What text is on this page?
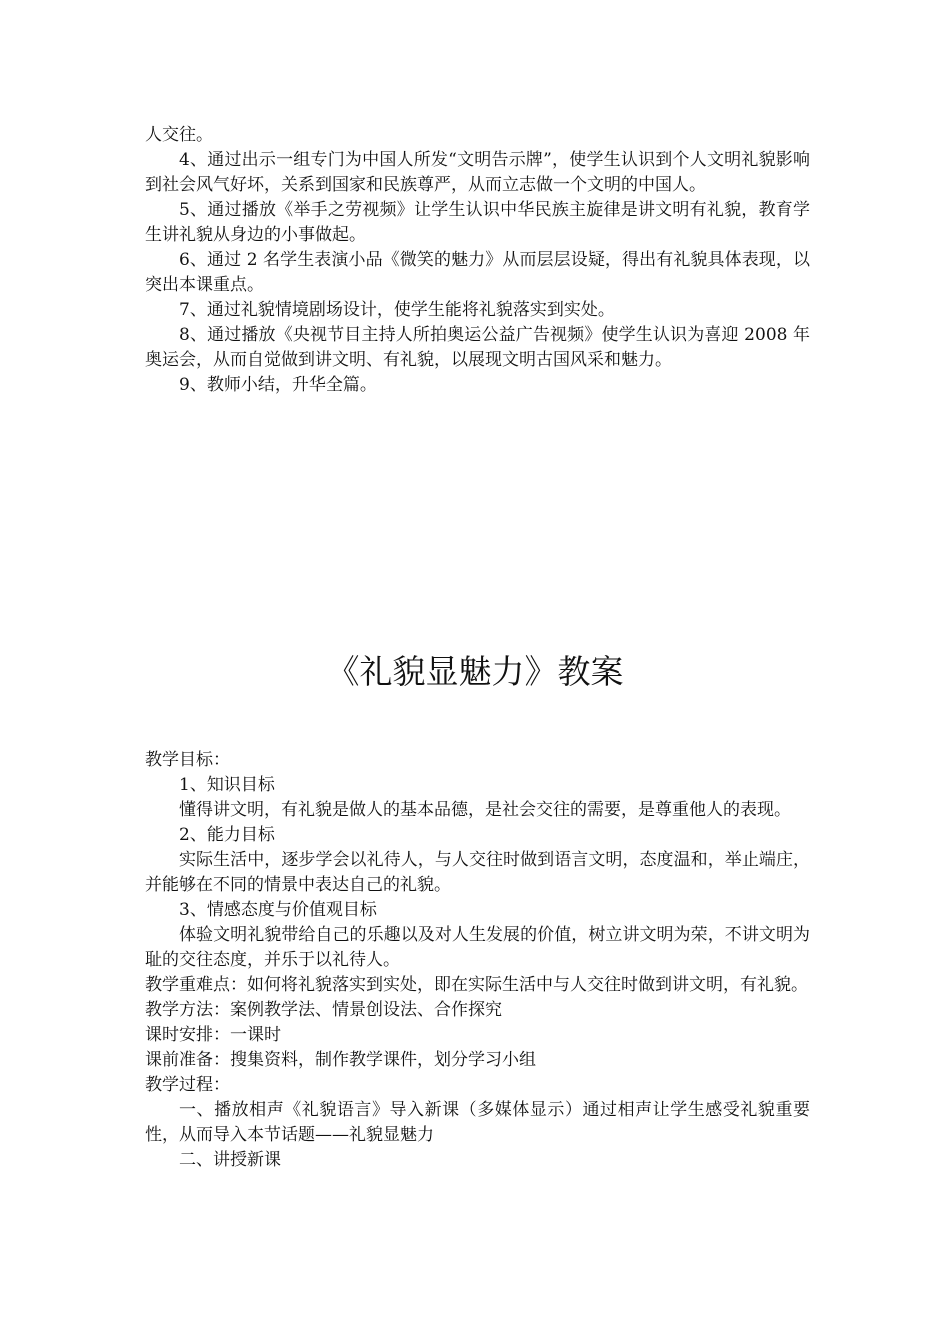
人交往。

4、通过出示一组专门为中国人所发“文明告示牌”，使学生认识到个人文明礼貌影响到社会风气好坏，关系到国家和民族尊严，从而立志做一个文明的中国人。

5、通过播放《举手之劳视频》让学生认识中华民族主旋律是讲文明有礼貌，教育学生讲礼貌从身边的小事做起。

6、通过 2 名学生表演小品《微笑的魅力》从而层层设疑，得出有礼貌具体表现，以突出本课重点。

7、通过礼貌情境剧场设计，使学生能将礼貌落实到实处。

8、通过播放《央视节目主持人所拍奥运公益广告视频》使学生认识为喜迎 2008 年奥运会，从而自觉做到讲文明、有礼貌，以展现文明古国风采和魅力。

9、教师小结，升华全篇。

《礼貌显魅力》教案

教学目标：

1、知识目标

懂得讲文明，有礼貌是做人的基本品德，是社会交往的需要，是尊重他人的表现。

2、能力目标

实际生活中，逐步学会以礼待人，与人交往时做到语言文明，态度温和，举止端庄，并能够在不同的情景中表达自己的礼貌。

3、情感态度与价值观目标

体验文明礼貌带给自己的乐趣以及对人生发展的价值，树立讲文明为荣，不讲文明为耻的交往态度，并乐于以礼待人。

教学重难点： 如何将礼貌落实到实处，即在实际生活中与人交往时做到讲文明，有礼貌。

教学方法：案例教学法、情景创设法、合作探究

课时安排：一课时

课前准备：搜集资料，制作教学课件，划分学习小组

教学过程：

一、播放相声《礼貌语言》导入新课（多媒体显示）通过相声让学生感受礼貌重要性，从而导入本节话题——礼貌显魅力

二、讲授新课
